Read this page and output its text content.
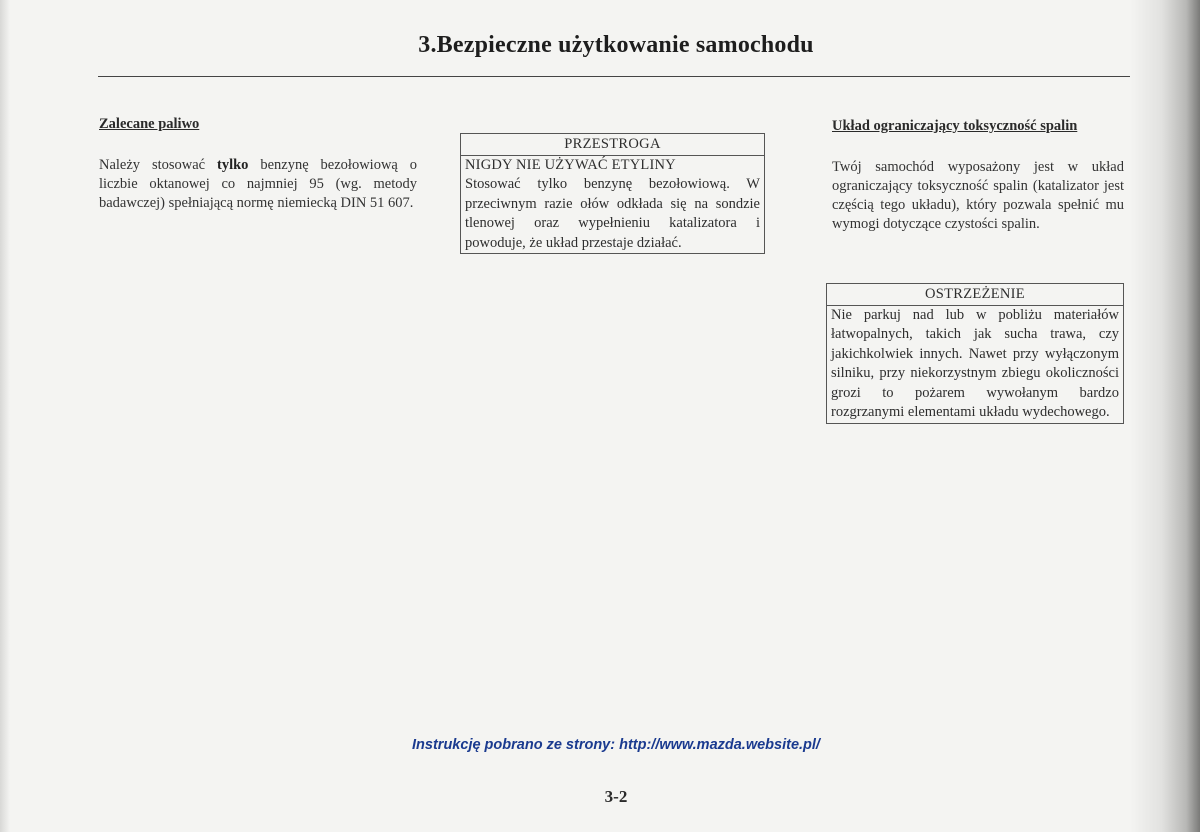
3.Bezpieczne użytkowanie samochodu
Zalecane paliwo
Należy stosować tylko benzynę bezołowiową o liczbie oktanowej co najmniej 95 (wg. metody badawczej) spełniającą normę niemiecką DIN 51 607.
PRZESTROGA
NIGDY NIE UŻYWAĆ ETYLINY
Stosować tylko benzynę bezołowiową. W przeciwnym razie ołów odkłada się na sondzie tlenowej oraz wypełnieniu katalizatora i powoduje, że układ przestaje działać.
Układ ograniczający toksyczność spalin
Twój samochód wyposażony jest w układ ograniczający toksyczność spalin (katalizator jest częścią tego układu), który pozwala spełnić mu wymogi dotyczące czystości spalin.
OSTRZEŻENIE
Nie parkuj nad lub w pobliżu materiałów łatwopalnych, takich jak sucha trawa, czy jakichkolwiek innych. Nawet przy wyłączonym silniku, przy niekorzystnym zbiegu okoliczności grozi to pożarem wywołanym bardzo rozgrzanymi elementami układu wydechowego.
Instrukcję pobrano ze strony: http://www.mazda.website.pl/
3-2
